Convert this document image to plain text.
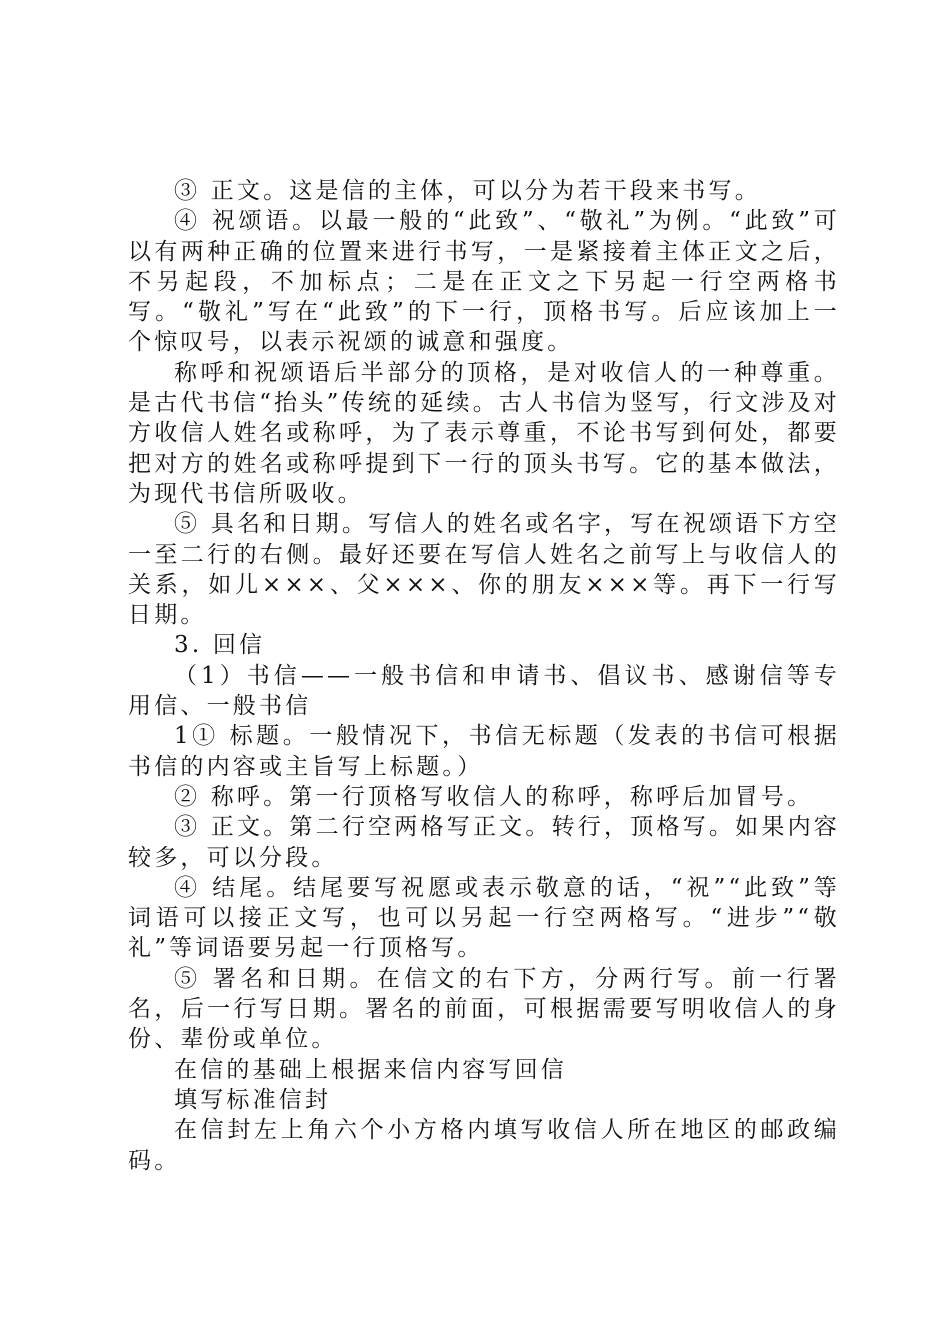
③ 正文。这是信的主体，可以分为若干段来书写。

④ 祝颂语。以最一般的“此致”、“敬礼”为例。“此致”可以有两种正确的位置来进行书写，一是紧接着主体正文之后，不另起段，不加标点；二是在正文之下另起一行空两格书写。“敬礼”写在“此致”的下一行，顶格书写。后应该加上一个惊叹号，以表示祝颂的诚意和强度。

称呼和祝颂语后半部分的顶格，是对收信人的一种尊重。是古代书信“抬头”传统的延续。古人书信为竖写，行文涉及对方收信人姓名或称呼，为了表示尊重，不论书写到何处，都要把对方的姓名或称呼提到下一行的顶头书写。它的基本做法，为现代书信所吸收。

⑤ 具名和日期。写信人的姓名或名字，写在祝颂语下方空一至二行的右侧。最好还要在写信人姓名之前写上与收信人的关系，如儿×××、父×××、你的朋友×××等。再下一行写日期。

3. 回信

（1）书信——一般书信和申请书、倡议书、感谢信等专用信、一般书信

1① 标题。一般情况下，书信无标题（发表的书信可根据书信的内容或主旨写上标题。）

② 称呼。第一行顶格写收信人的称呼，称呼后加冒号。

③ 正文。第二行空两格写正文。转行，顶格写。如果内容较多，可以分段。

④ 结尾。结尾要写祝愿或表示敬意的话，“祝”“此致”等词语可以接正文写，也可以另起一行空两格写。“进步”“敬礼”等词语要另起一行顶格写。

⑤ 署名和日期。在信文的右下方，分两行写。前一行署名，后一行写日期。署名的前面，可根据需要写明收信人的身份、辈份或单位。

在信的基础上根据来信内容写回信

填写标准信封

在信封左上角六个小方格内填写收信人所在地区的邮政编码。
